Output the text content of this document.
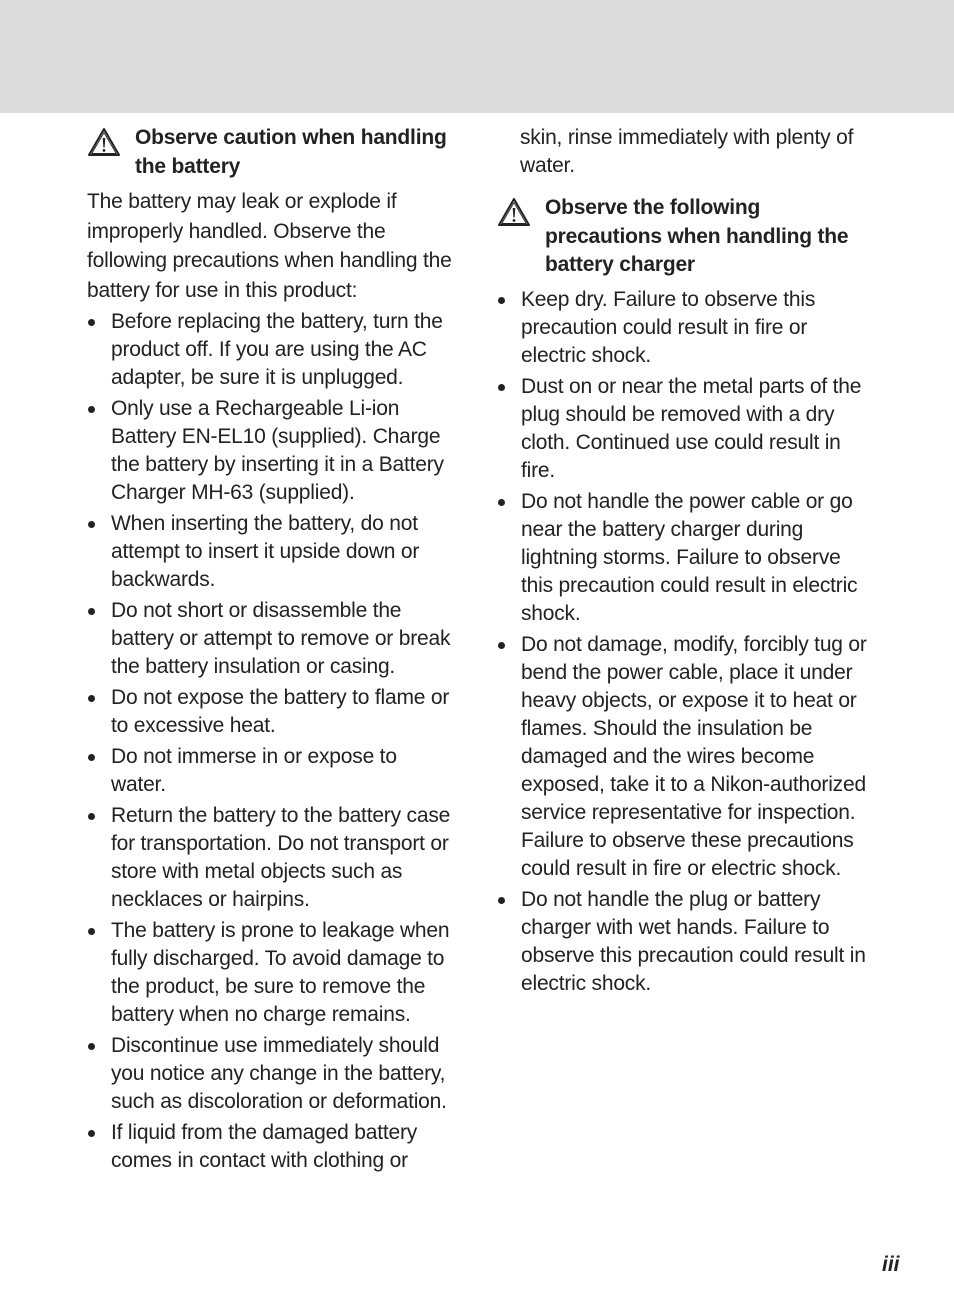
Observe caution when handling the battery

The battery may leak or explode if improperly handled. Observe the following precautions when handling the battery for use in this product:

Before replacing the battery, turn the product off. If you are using the AC adapter, be sure it is unplugged.
Only use a Rechargeable Li-ion Battery EN-EL10 (supplied). Charge the battery by inserting it in a Battery Charger MH-63 (supplied).
When inserting the battery, do not attempt to insert it upside down or backwards.
Do not short or disassemble the battery or attempt to remove or break the battery insulation or casing.
Do not expose the battery to flame or to excessive heat.
Do not immerse in or expose to water.
Return the battery to the battery case for transportation. Do not transport or store with metal objects such as necklaces or hairpins.
The battery is prone to leakage when fully discharged. To avoid damage to the product, be sure to remove the battery when no charge remains.
Discontinue use immediately should you notice any change in the battery, such as discoloration or deformation.
If liquid from the damaged battery comes in contact with clothing or

skin, rinse immediately with plenty of water.

Observe the following precautions when handling the battery charger
Keep dry. Failure to observe this precaution could result in fire or electric shock.
Dust on or near the metal parts of the plug should be removed with a dry cloth. Continued use could result in fire.
Do not handle the power cable or go near the battery charger during lightning storms. Failure to observe this precaution could result in electric shock.
Do not damage, modify, forcibly tug or bend the power cable, place it under heavy objects, or expose it to heat or flames. Should the insulation be damaged and the wires become exposed, take it to a Nikon-authorized service representative for inspection. Failure to observe these precautions could result in fire or electric shock.
Do not handle the plug or battery charger with wet hands. Failure to observe this precaution could result in electric shock.
iii
